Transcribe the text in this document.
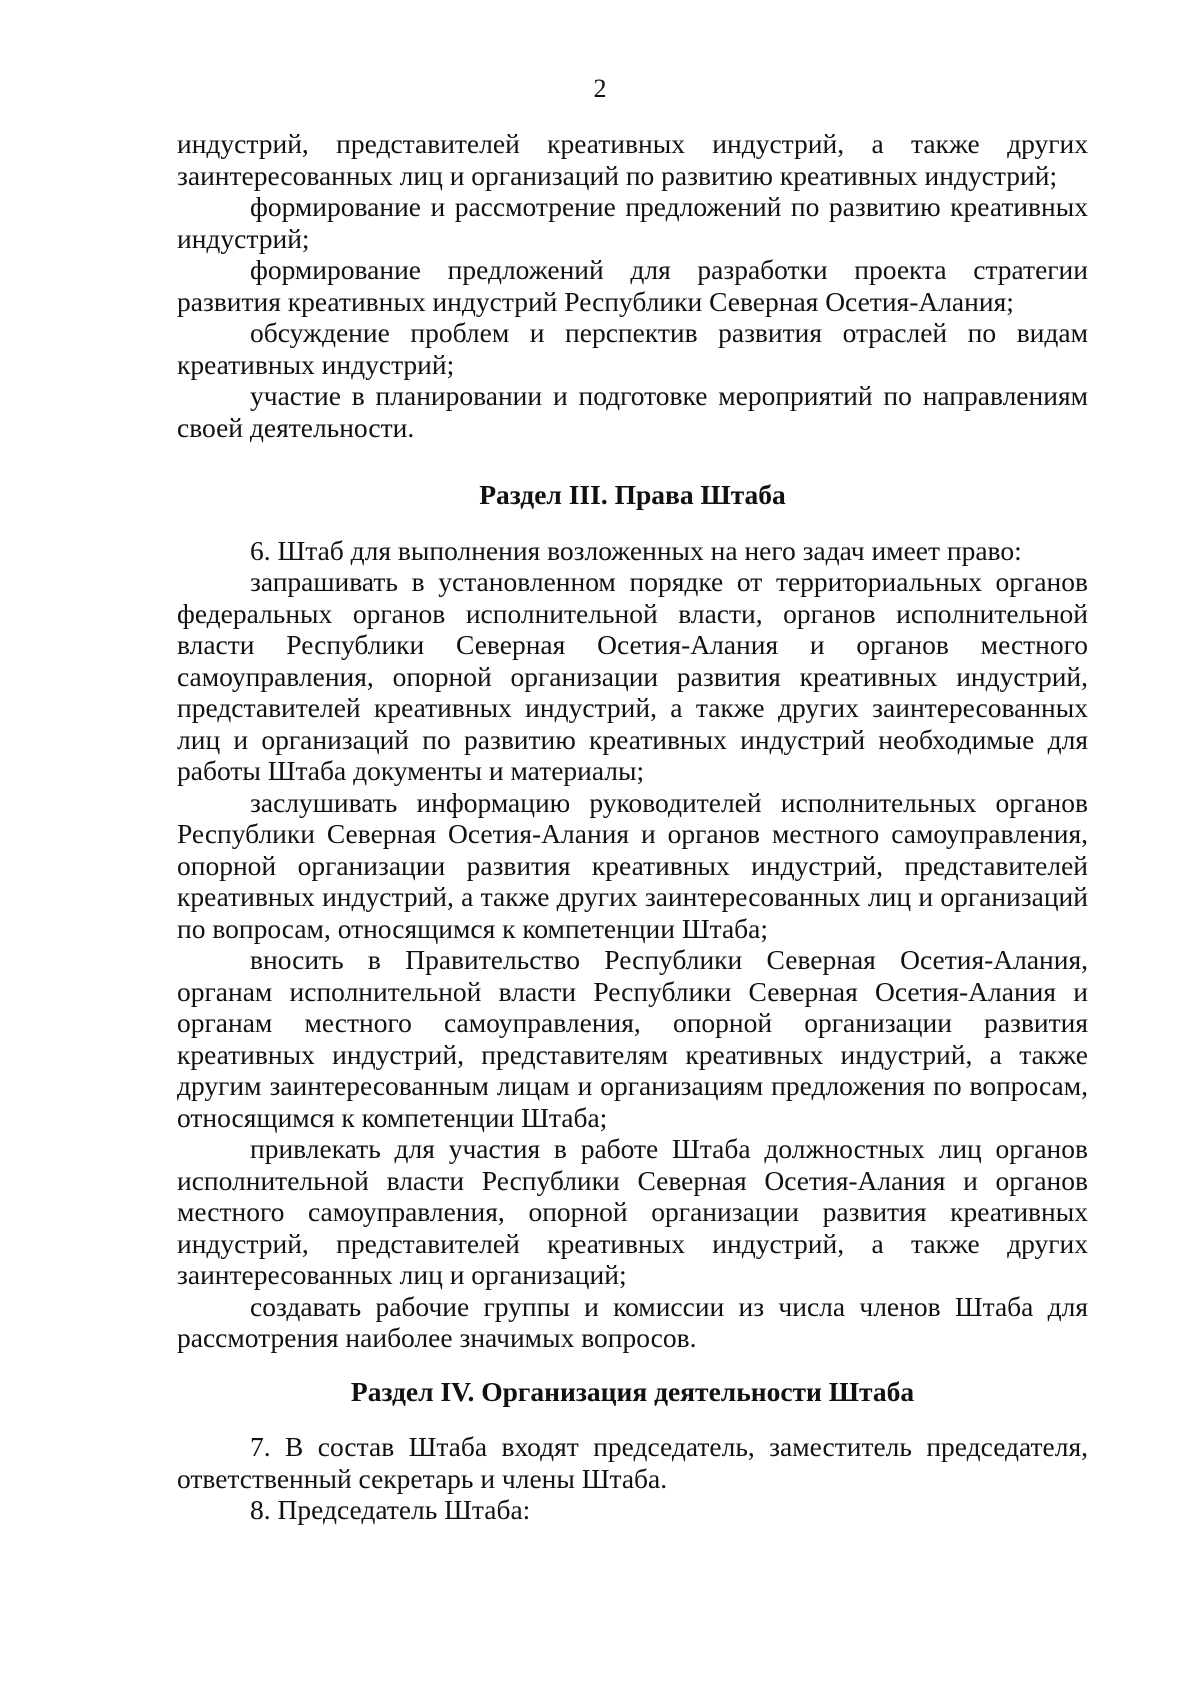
2

индустрий, представителей креативных индустрий, а также других заинтересованных лиц и организаций по развитию креативных индустрий;

формирование и рассмотрение предложений по развитию креативных индустрий;

формирование предложений для разработки проекта стратегии развития креативных индустрий Республики Северная Осетия-Алания;

обсуждение проблем и перспектив развития отраслей по видам креативных индустрий;

участие в планировании и подготовке мероприятий по направлениям своей деятельности.

Раздел III. Права Штаба

6. Штаб для выполнения возложенных на него задач имеет право:

запрашивать в установленном порядке от территориальных органов федеральных органов исполнительной власти, органов исполнительной власти Республики Северная Осетия-Алания и органов местного самоуправления, опорной организации развития креативных индустрий, представителей креативных индустрий, а также других заинтересованных лиц и организаций по развитию креативных индустрий необходимые для работы Штаба документы и материалы;

заслушивать информацию руководителей исполнительных органов Республики Северная Осетия-Алания и органов местного самоуправления, опорной организации развития креативных индустрий, представителей креативных индустрий, а также других заинтересованных лиц и организаций по вопросам, относящимся к компетенции Штаба;

вносить в Правительство Республики Северная Осетия-Алания, органам исполнительной власти Республики Северная Осетия-Алания и органам местного самоуправления, опорной организации развития креативных индустрий, представителям креативных индустрий, а также другим заинтересованным лицам и организациям предложения по вопросам, относящимся к компетенции Штаба;

привлекать для участия в работе Штаба должностных лиц органов исполнительной власти Республики Северная Осетия-Алания и органов местного самоуправления, опорной организации развития креативных индустрий, представителей креативных индустрий, а также других заинтересованных лиц и организаций;

создавать рабочие группы и комиссии из числа членов Штаба для рассмотрения наиболее значимых вопросов.

Раздел IV. Организация деятельности Штаба

7. В состав Штаба входят председатель, заместитель председателя, ответственный секретарь и члены Штаба.

8. Председатель Штаба:
